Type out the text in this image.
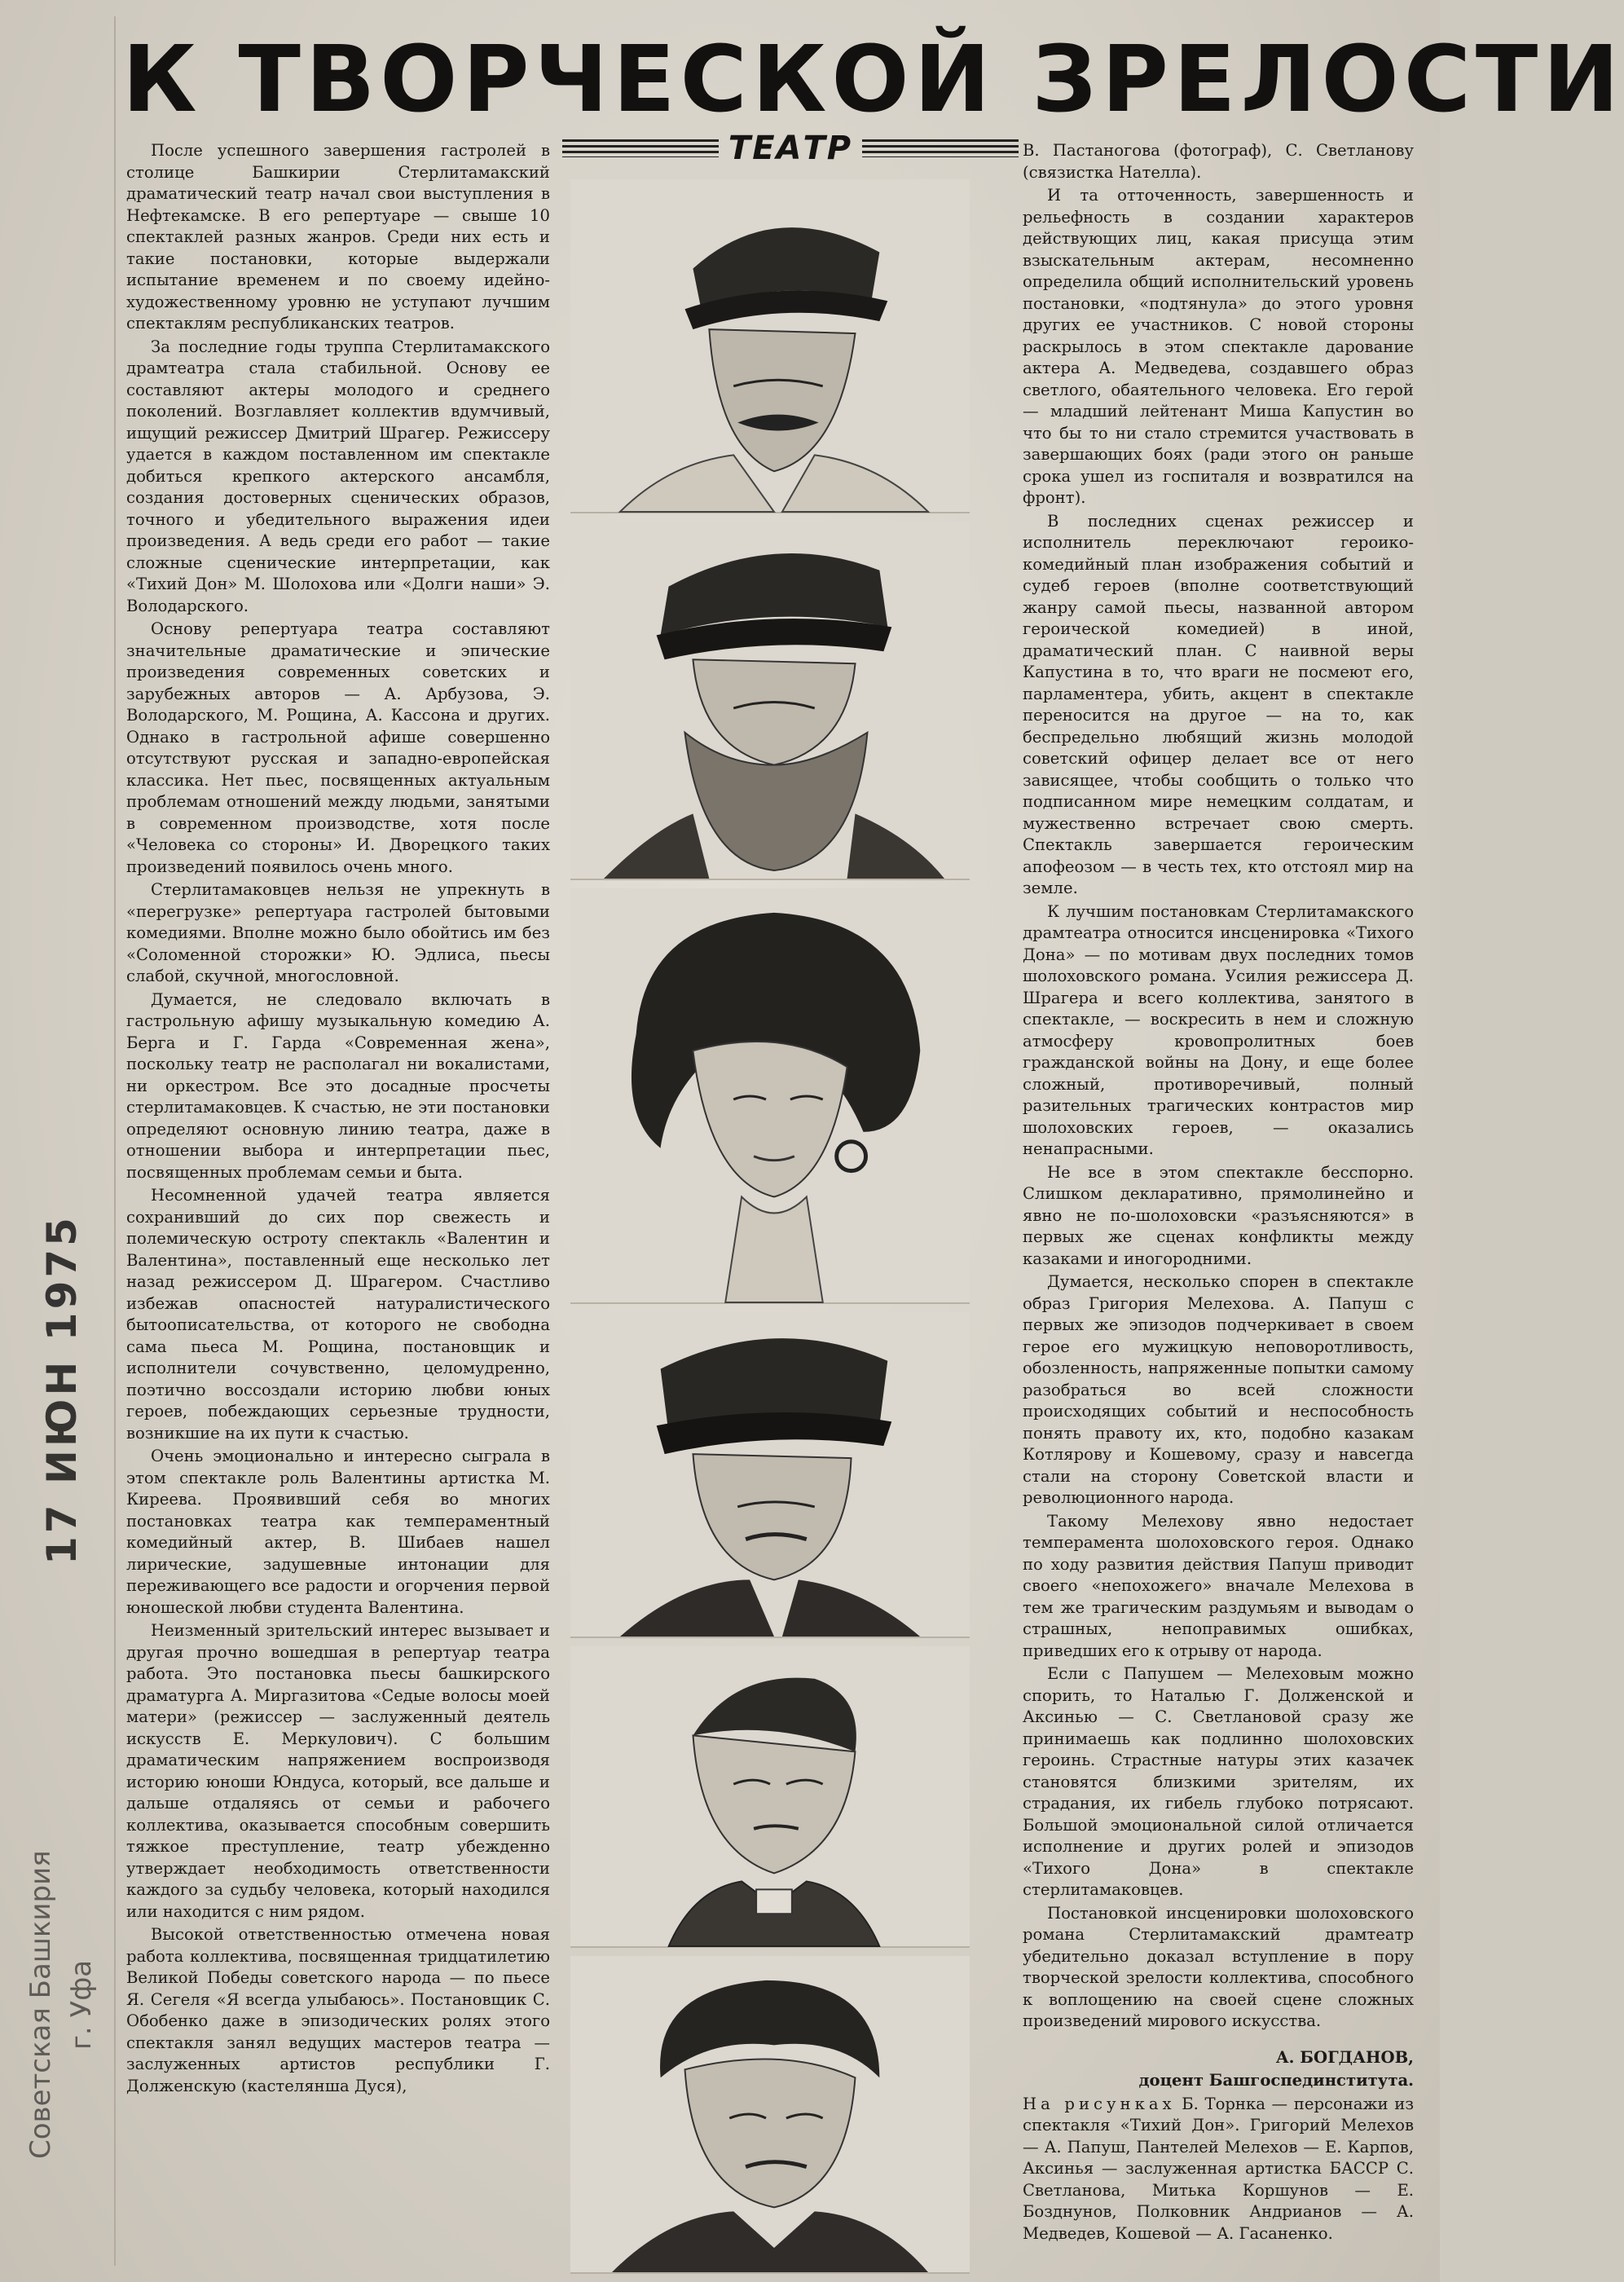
К ТВОРЧЕСКОЙ ЗРЕЛОСТИ
ТЕАТР

После успешного завершения гастролей в столице Башкирии Стерлитамакский драматический театр начал свои выступления в Нефтекамске. В его репертуаре — свыше 10 спектаклей разных жанров. Среди них есть и такие постановки, которые выдержали испытание временем и по своему идейно-художественному уровню не уступают лучшим спектаклям республиканских театров.

За последние годы труппа Стерлитамакского драмтеатра стала стабильной. Основу ее составляют актеры молодого и среднего поколений. Возглавляет коллектив вдумчивый, ищущий режиссер Дмитрий Шрагер. Режиссеру удается в каждом поставленном им спектакле добиться крепкого актерского ансамбля, создания достоверных сценических образов, точного и убедительного выражения идеи произведения. А ведь среди его работ — такие сложные сценические интерпретации, как «Тихий Дон» М. Шолохова или «Долги наши» Э. Володарского.

Основу репертуара театра составляют значительные драматические и эпические произведения современных советских и зарубежных авторов — А. Арбузова, Э. Володарского, М. Рощина, А. Кассона и других. Однако в гастрольной афише совершенно отсутствуют русская и западно-европейская классика. Нет пьес, посвященных актуальным проблемам отношений между людьми, занятыми в современном производстве, хотя после «Человека со стороны» И. Дворецкого таких произведений появилось очень много.

Стерлитамаковцев нельзя не упрекнуть в «перегрузке» репертуара гастролей бытовыми комедиями. Вполне можно было обойтись им без «Соломенной сторожки» Ю. Эдлиса, пьесы слабой, скучной, многословной.

Думается, не следовало включать в гастрольную афишу музыкальную комедию А. Берга и Г. Гарда «Современная жена», поскольку театр не располагал ни вокалистами, ни оркестром. Все это досадные просчеты стерлитамаковцев. К счастью, не эти постановки определяют основную линию театра, даже в отношении выбора и интерпретации пьес, посвященных проблемам семьи и быта.

Несомненной удачей театра является сохранивший до сих пор свежесть и полемическую остроту спектакль «Валентин и Валентина», поставленный еще несколько лет назад режиссером Д. Шрагером. Счастливо избежав опасностей натуралистического бытоописательства, от которого не свободна сама пьеса М. Рощина, постановщик и исполнители сочувственно, целомудренно, поэтично воссоздали историю любви юных героев, побеждающих серьезные трудности, возникшие на их пути к счастью.

Очень эмоционально и интересно сыграла в этом спектакле роль Валентины артистка М. Киреева. Проявивший себя во многих постановках театра как темпераментный комедийный актер, В. Шибаев нашел лирические, задушевные интонации для переживающего все радости и огорчения первой юношеской любви студента Валентина.

Неизменный зрительский интерес вызывает и другая прочно вошедшая в репертуар театра работа. Это постановка пьесы башкирского драматурга А. Миргазитова «Седые волосы моей матери» (режиссер — заслуженный деятель искусств Е. Меркулович). С большим драматическим напряжением воспроизводя историю юноши Юндуса, который, все дальше и дальше отдаляясь от семьи и рабочего коллектива, оказывается способным совершить тяжкое преступление, театр убежденно утверждает необходимость ответственности каждого за судьбу человека, который находился или находится с ним рядом.

Высокой ответственностью отмечена новая работа коллектива, посвященная тридцатилетию Великой Победы советского народа — по пьесе Я. Сегеля «Я всегда улыбаюсь». Постановщик С. Обобенко даже в эпизодических ролях этого спектакля занял ведущих мастеров театра — заслуженных артистов республики Г. Долженскую (кастелянша Дуся),

В. Пастаногова (фотограф), С. Светланову (связистка Нателла).

И та отточенность, завершенность и рельефность в создании характеров действующих лиц, какая присуща этим взыскательным актерам, несомненно определила общий исполнительский уровень постановки, «подтянула» до этого уровня других ее участников. С новой стороны раскрылось в этом спектакле дарование актера А. Медведева, создавшего образ светлого, обаятельного человека. Его герой — младший лейтенант Миша Капустин во что бы то ни стало стремится участвовать в завершающих боях (ради этого он раньше срока ушел из госпиталя и возвратился на фронт).

В последних сценах режиссер и исполнитель переключают героико-комедийный план изображения событий и судеб героев (вполне соответствующий жанру самой пьесы, названной автором героической комедией) в иной, драматический план. С наивной веры Капустина в то, что враги не посмеют его, парламентера, убить, акцент в спектакле переносится на другое — на то, как беспредельно любящий жизнь молодой советский офицер делает все от него зависящее, чтобы сообщить о только что подписанном мире немецким солдатам, и мужественно встречает свою смерть. Спектакль завершается героическим апофеозом — в честь тех, кто отстоял мир на земле.

К лучшим постановкам Стерлитамакского драмтеатра относится инсценировка «Тихого Дона» — по мотивам двух последних томов шолоховского романа. Усилия режиссера Д. Шрагера и всего коллектива, занятого в спектакле, — воскресить в нем и сложную атмосферу кровопролитных боев гражданской войны на Дону, и еще более сложный, противоречивый, полный разительных трагических контрастов мир шолоховских героев, — оказались ненапрасными.

Не все в этом спектакле бесспорно. Слишком декларативно, прямолинейно и явно не по-шолоховски «разъясняются» в первых же сценах конфликты между казаками и иногородними.

Думается, несколько спорен в спектакле образ Григория Мелехова. А. Папуш с первых же эпизодов подчеркивает в своем герое его мужицкую неповоротливость, обозленность, напряженные попытки самому разобраться во всей сложности происходящих событий и неспособность понять правоту их, кто, подобно казакам Котлярову и Кошевому, сразу и навсегда стали на сторону Советской власти и революционного народа.

Такому Мелехову явно недостает темперамента шолоховского героя. Однако по ходу развития действия Папуш приводит своего «непохожего» вначале Мелехова в тем же трагическим раздумьям и выводам о страшных, непоправимых ошибках, приведших его к отрыву от народа.

Если с Папушем — Мелеховым можно спорить, то Наталью Г. Долженской и Аксинью — С. Светлановой сразу же принимаешь как подлинно шолоховских героинь. Страстные натуры этих казачек становятся близкими зрителям, их страдания, их гибель глубоко потрясают. Большой эмоциональной силой отличается исполнение и других ролей и эпизодов «Тихого Дона» в спектакле стерлитамаковцев.

Постановкой инсценировки шолоховского романа Стерлитамакский драмтеатр убедительно доказал вступление в пору творческой зрелости коллектива, способного к воплощению на своей сцене сложных произведений мирового искусства.

А. БОГДАНОВ,

доцент Башгоспединститута.

На рисунках Б. Торнка — персонажи из спектакля «Тихий Дон». Григорий Мелехов — А. Папуш, Пантелей Мелехов — Е. Карпов, Аксинья — заслуженная артистка БАССР С. Светланова, Митька Коршунов — Е. Бозднунов, Полковник Андрианов — А. Медведев, Кошевой — А. Гасаненко.

17 ИЮН 1975
Советская Башкирия г. Уфа
